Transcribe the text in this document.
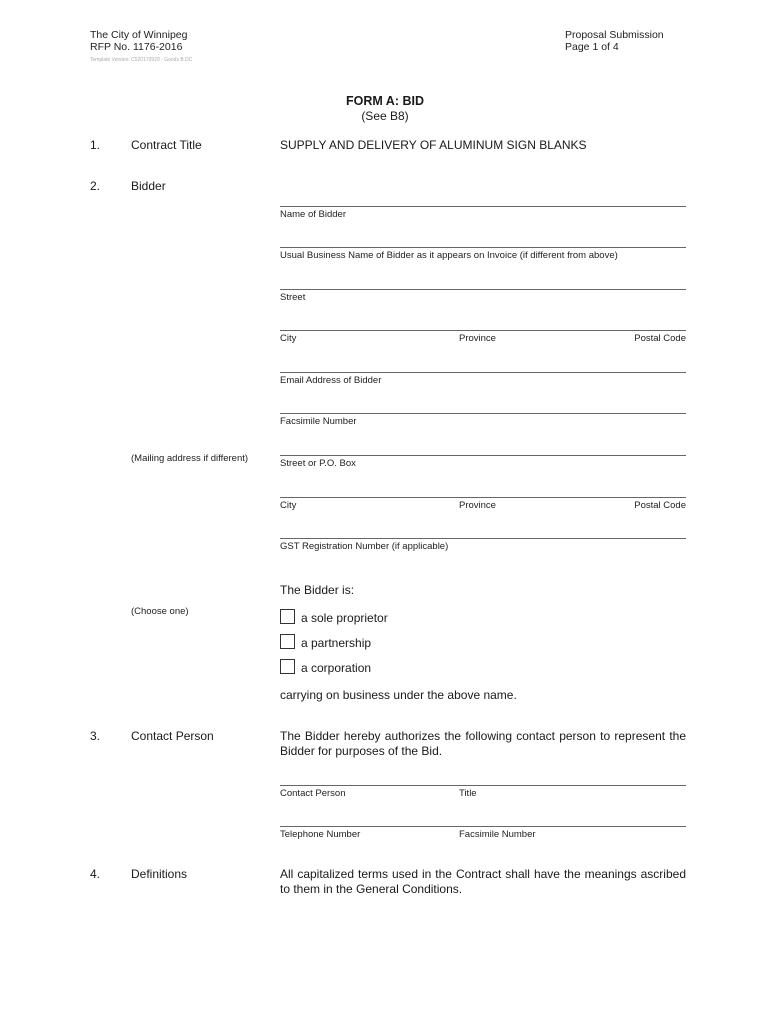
The City of Winnipeg
RFP No. 1176-2016
Template Version: C520170929 - Goods B.DC
Proposal Submission
Page 1 of 4
FORM A: BID
(See B8)
1.	Contract Title	SUPPLY AND DELIVERY OF ALUMINUM SIGN BLANKS
2.	Bidder
Name of Bidder
Usual Business Name of Bidder as it appears on Invoice (if different from above)
Street
City	Province	Postal Code
Email Address of Bidder
Facsimile Number
(Mailing address if different)	Street or P.O. Box
City	Province	Postal Code
GST Registration Number (if applicable)
The Bidder is:
(Choose one)	a sole proprietor
a partnership
a corporation
carrying on business under the above name.
3.	Contact Person	The Bidder hereby authorizes the following contact person to represent the Bidder for purposes of the Bid.
Contact Person	Title
Telephone Number	Facsimile Number
4.	Definitions	All capitalized terms used in the Contract shall have the meanings ascribed to them in the General Conditions.
